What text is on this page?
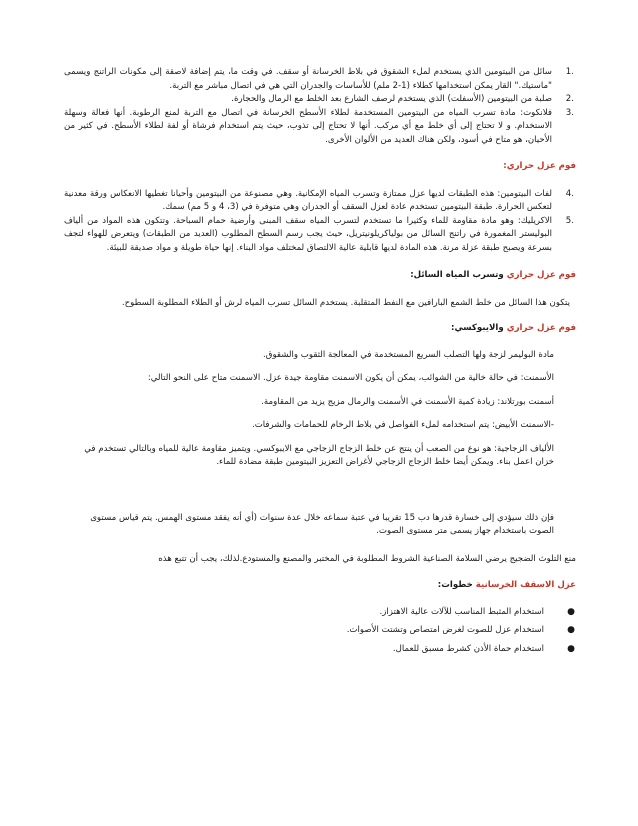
1.
سائل من البيتومين الذي يستخدم لملء الشقوق في بلاط الخرسانة أو سقف. في وقت ما، يتم إضافة لاصقة إلى مكونات الراتنج ويسمى "ماستيك." القار يمكن استخدامها كطلاء (1-2 ملم) للأساسات والجدران التي هي في اتصال مباشر مع التربة.
2.
صلبة من البيتومين (الأسفلت) الذي يستخدم لرصف الشارع بعد الخلط مع الرمال والحجارة.
3.
فلانكوت: مادة تسرب المياه من البيتومين المستخدمة لطلاء الأسطح الخرسانة في اتصال مع التربة لمنع الرطوبة. أنها فعالة وسهلة الاستخدام. و لا تحتاج إلى أي خلط مع أي مركب. أنها لا تحتاج إلى تذوب، حيث يتم استخدام فرشاة أو لفة لطلاء الأسطح. في كثير من الأحيان، هو متاح في أسود، ولكن هناك العديد من الألوان الأخرى.

فوم عزل حراري:

4.
لفات البيتومين: هذه الطبقات لديها عزل ممتازة وتسرب المياه الإمكانية. وهي مصنوعة من البيتومين وأحيانا تغطيها الانعكاس ورقة معدنية لتعكس الحرارة. طبقة البيتومين تستخدم عادة لعزل السقف أو الجدران وهي متوفرة في (3، 4 و 5 مم) سمك.
5.
الاكريليك: وهو مادة مقاومة للماء وكثيرا ما تستخدم لتسرب المياه سقف المبنى وأرضية حمام السباحة. وتتكون هذه المواد من ألياف البوليستر المغمورة في راتنج السائل من بولياكريلونيتريل، حيث يجب رسم السطح المطلوب (العديد من الطبقات) ويتعرض للهواء لتجف بسرعة ويصبح طبقة عزلة مرنة. هذه المادة لديها قابلية عالية الالتصاق لمختلف مواد البناء. إنها حياة طويلة و مواد صديقة للبيئة.

فوم عزل حراري وتسرب المياه السائل:

يتكون هذا السائل من خلط الشمع البارافين مع النفط المتقلبة. يستخدم السائل تسرب المياه لرش أو الطلاء المطلوبة السطوح.

فوم عزل حراري والايبوكسي:

مادة البوليمر لزجة ولها التصلب السريع المستخدمة في المعالجة الثقوب والشقوق.

الأسمنت: في حالة خالية من الشوائب، يمكن أن يكون الاسمنت مقاومة جيدة عزل. الاسمنت متاح على النحو التالي:

أسمنت بورتلاند: زيادة كمية الأسمنت في الأسمنت والرمال مزيج يزيد من المقاومة.

-الاسمنت الأبيض: يتم استخدامه لملء الفواصل في بلاط الرخام للحمامات والشرفات.

الألياف الزجاجية: هو نوع من الصعب أن ينتج عن خلط الزجاج الزجاجي مع الايبوكسي. ويتميز مقاومة عالية للمياه وبالتالي تستخدم في خزان اعمل بناء. ويمكن أيضا خلط الزجاج الزجاجي لأغراض التعزيز البيتومين طبقة مضادة للماء.

فإن ذلك سيؤدي إلى خسارة قدرها دب 15 تقريبا في عتبة سماعه خلال عدة سنوات (أي أنه يفقد مستوى الهمس. يتم قياس مستوى الصوت باستخدام جهاز يسمى متر مستوى الصوت.

منع التلوث الضجيج يرضي السلامة الصناعية الشروط المطلوبة في المختبر والمصنع والمستودع.لذلك، يجب أن تتبع هذه

عزل الاسقف الخرسانية خطوات:

●
استخدام المثبط المناسب للآلات عالية الاهتزاز.
●
استخدام عزل للصوت لغرض امتصاص وتشتت الأصوات.
●
استخدام حماة الأذن كشرط مسبق للعمال.
